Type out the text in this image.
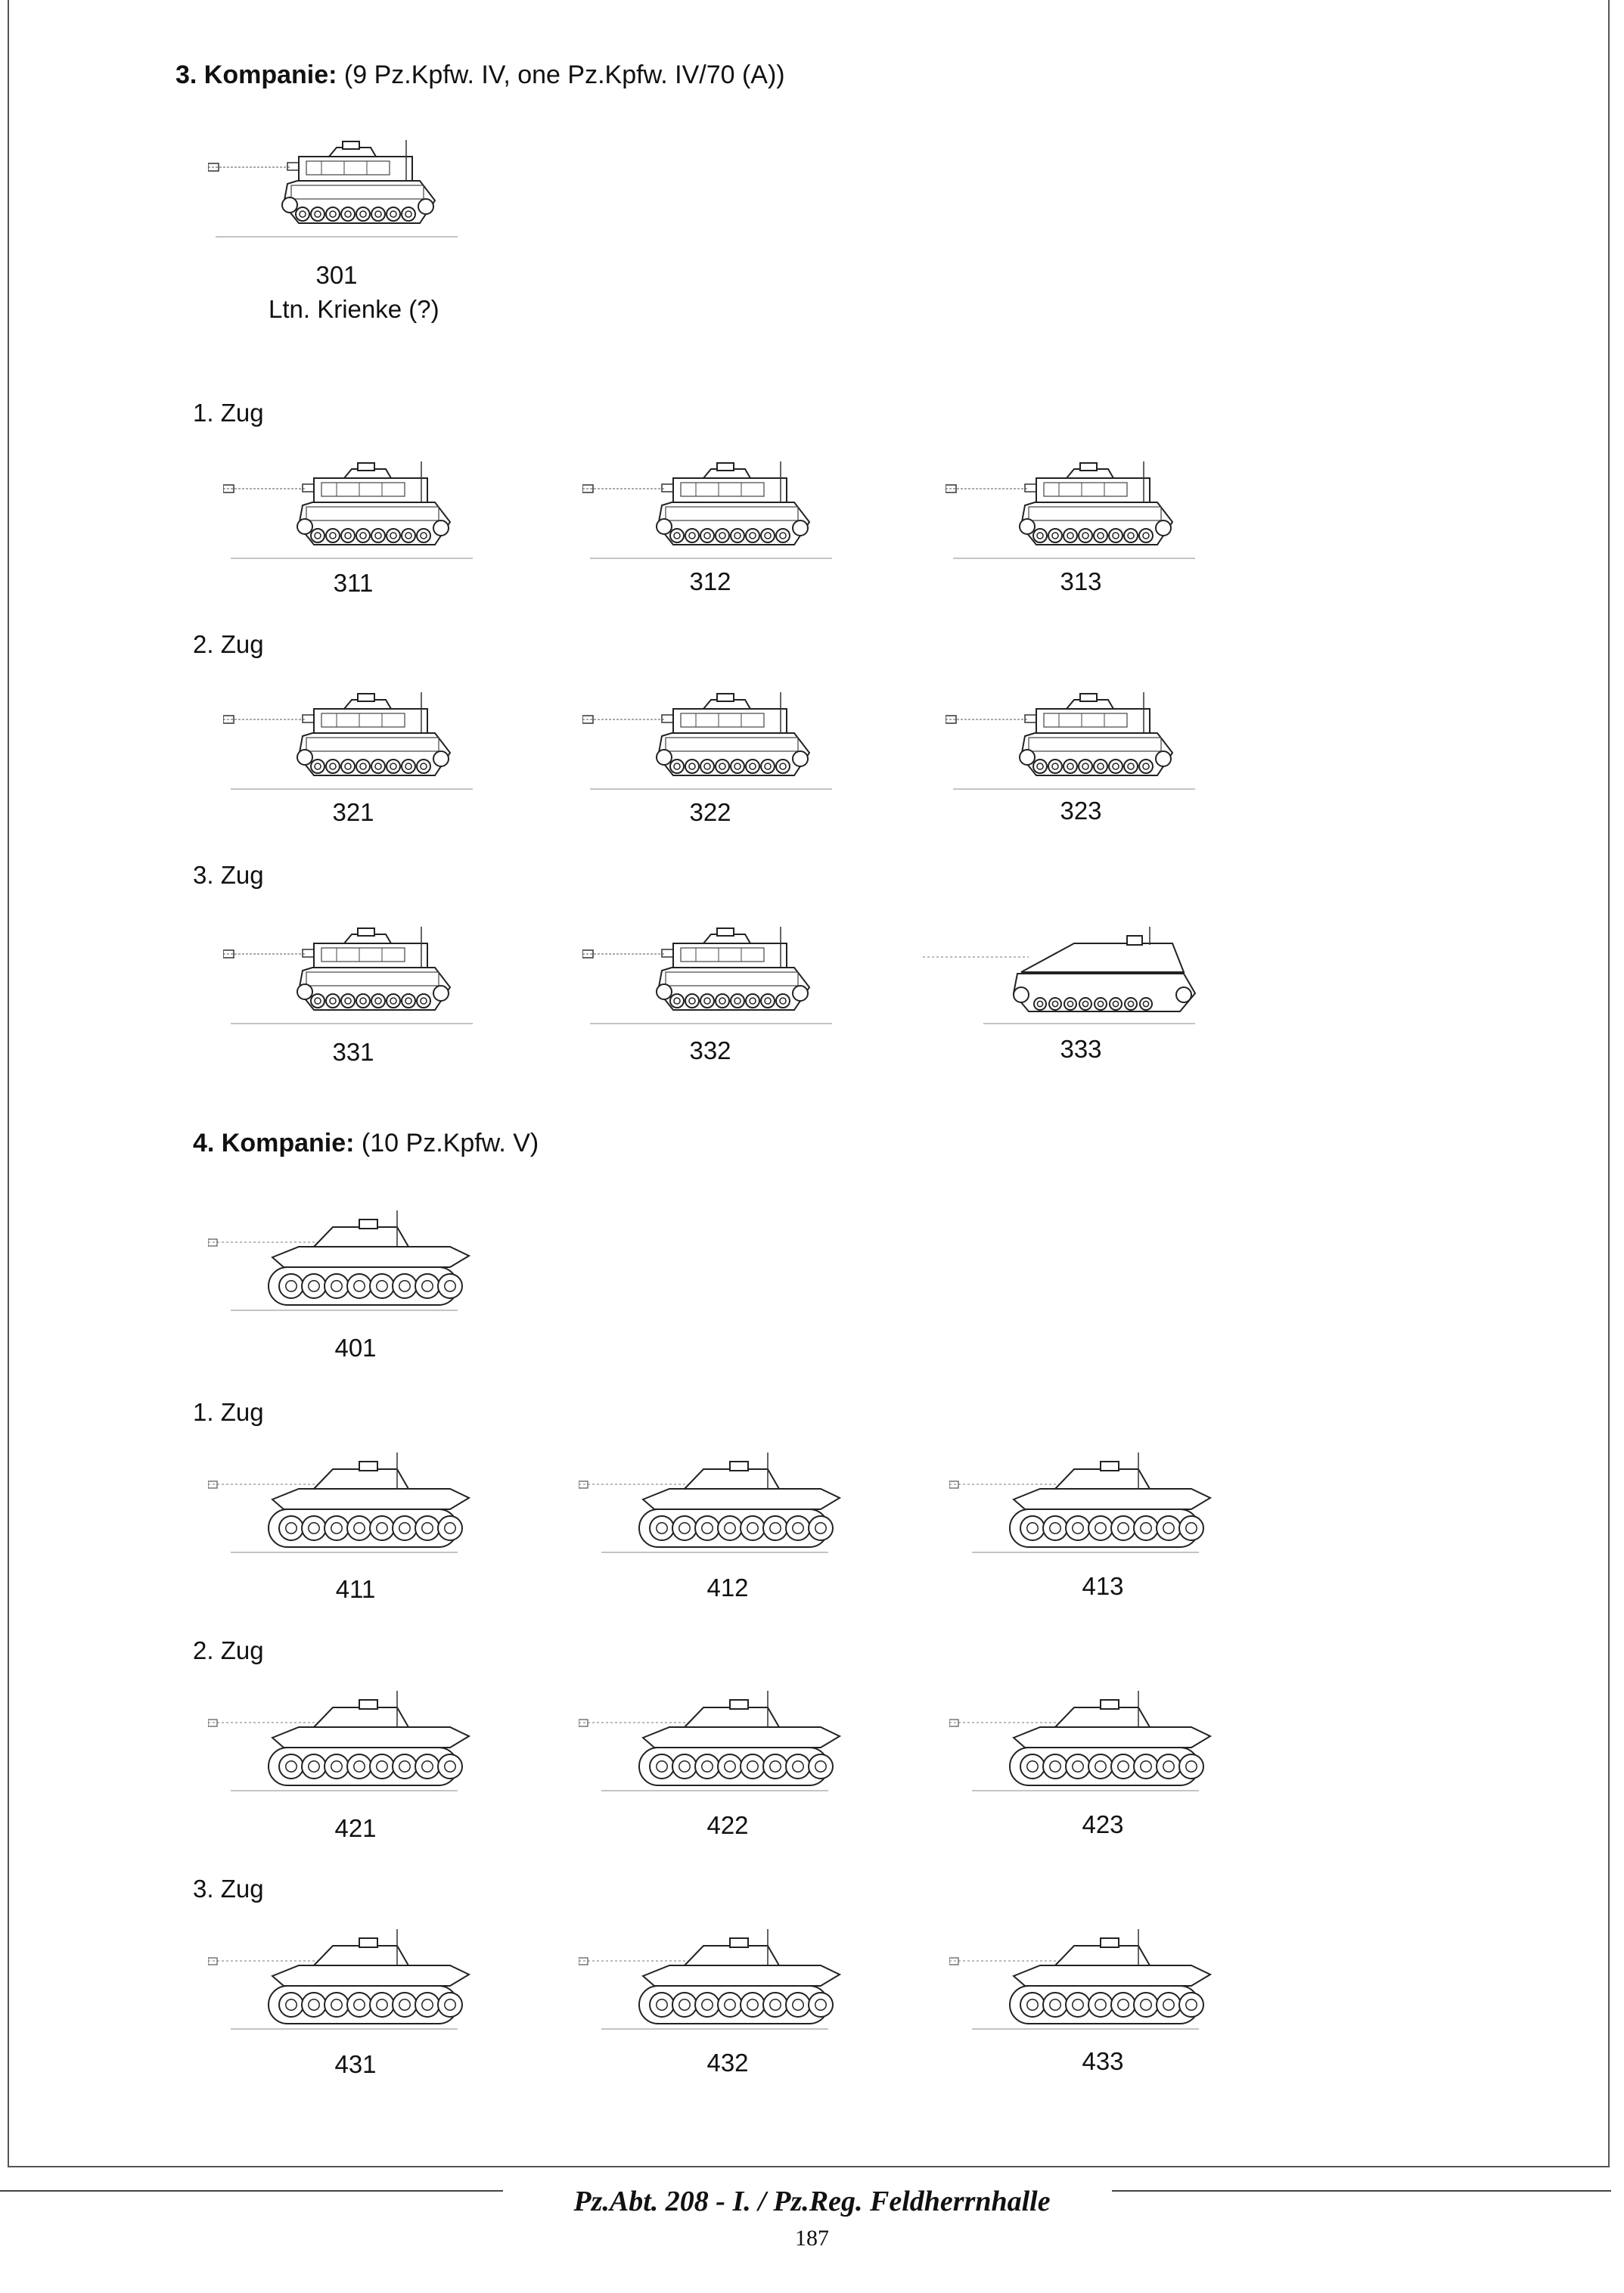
3. Kompanie: (9 Pz.Kpfw. IV, one Pz.Kpfw. IV/70 (A))
301
Ltn. Krienke (?)
1. Zug
311	312	313
2. Zug
321	322	323
3. Zug
331	332	333
4. Kompanie: (10 Pz.Kpfw. V)
401
1. Zug
411	412	413
2. Zug
421	422	423
3. Zug
431	432	433
Pz.Abt. 208 - I. / Pz.Reg. Feldherrnhalle
187
